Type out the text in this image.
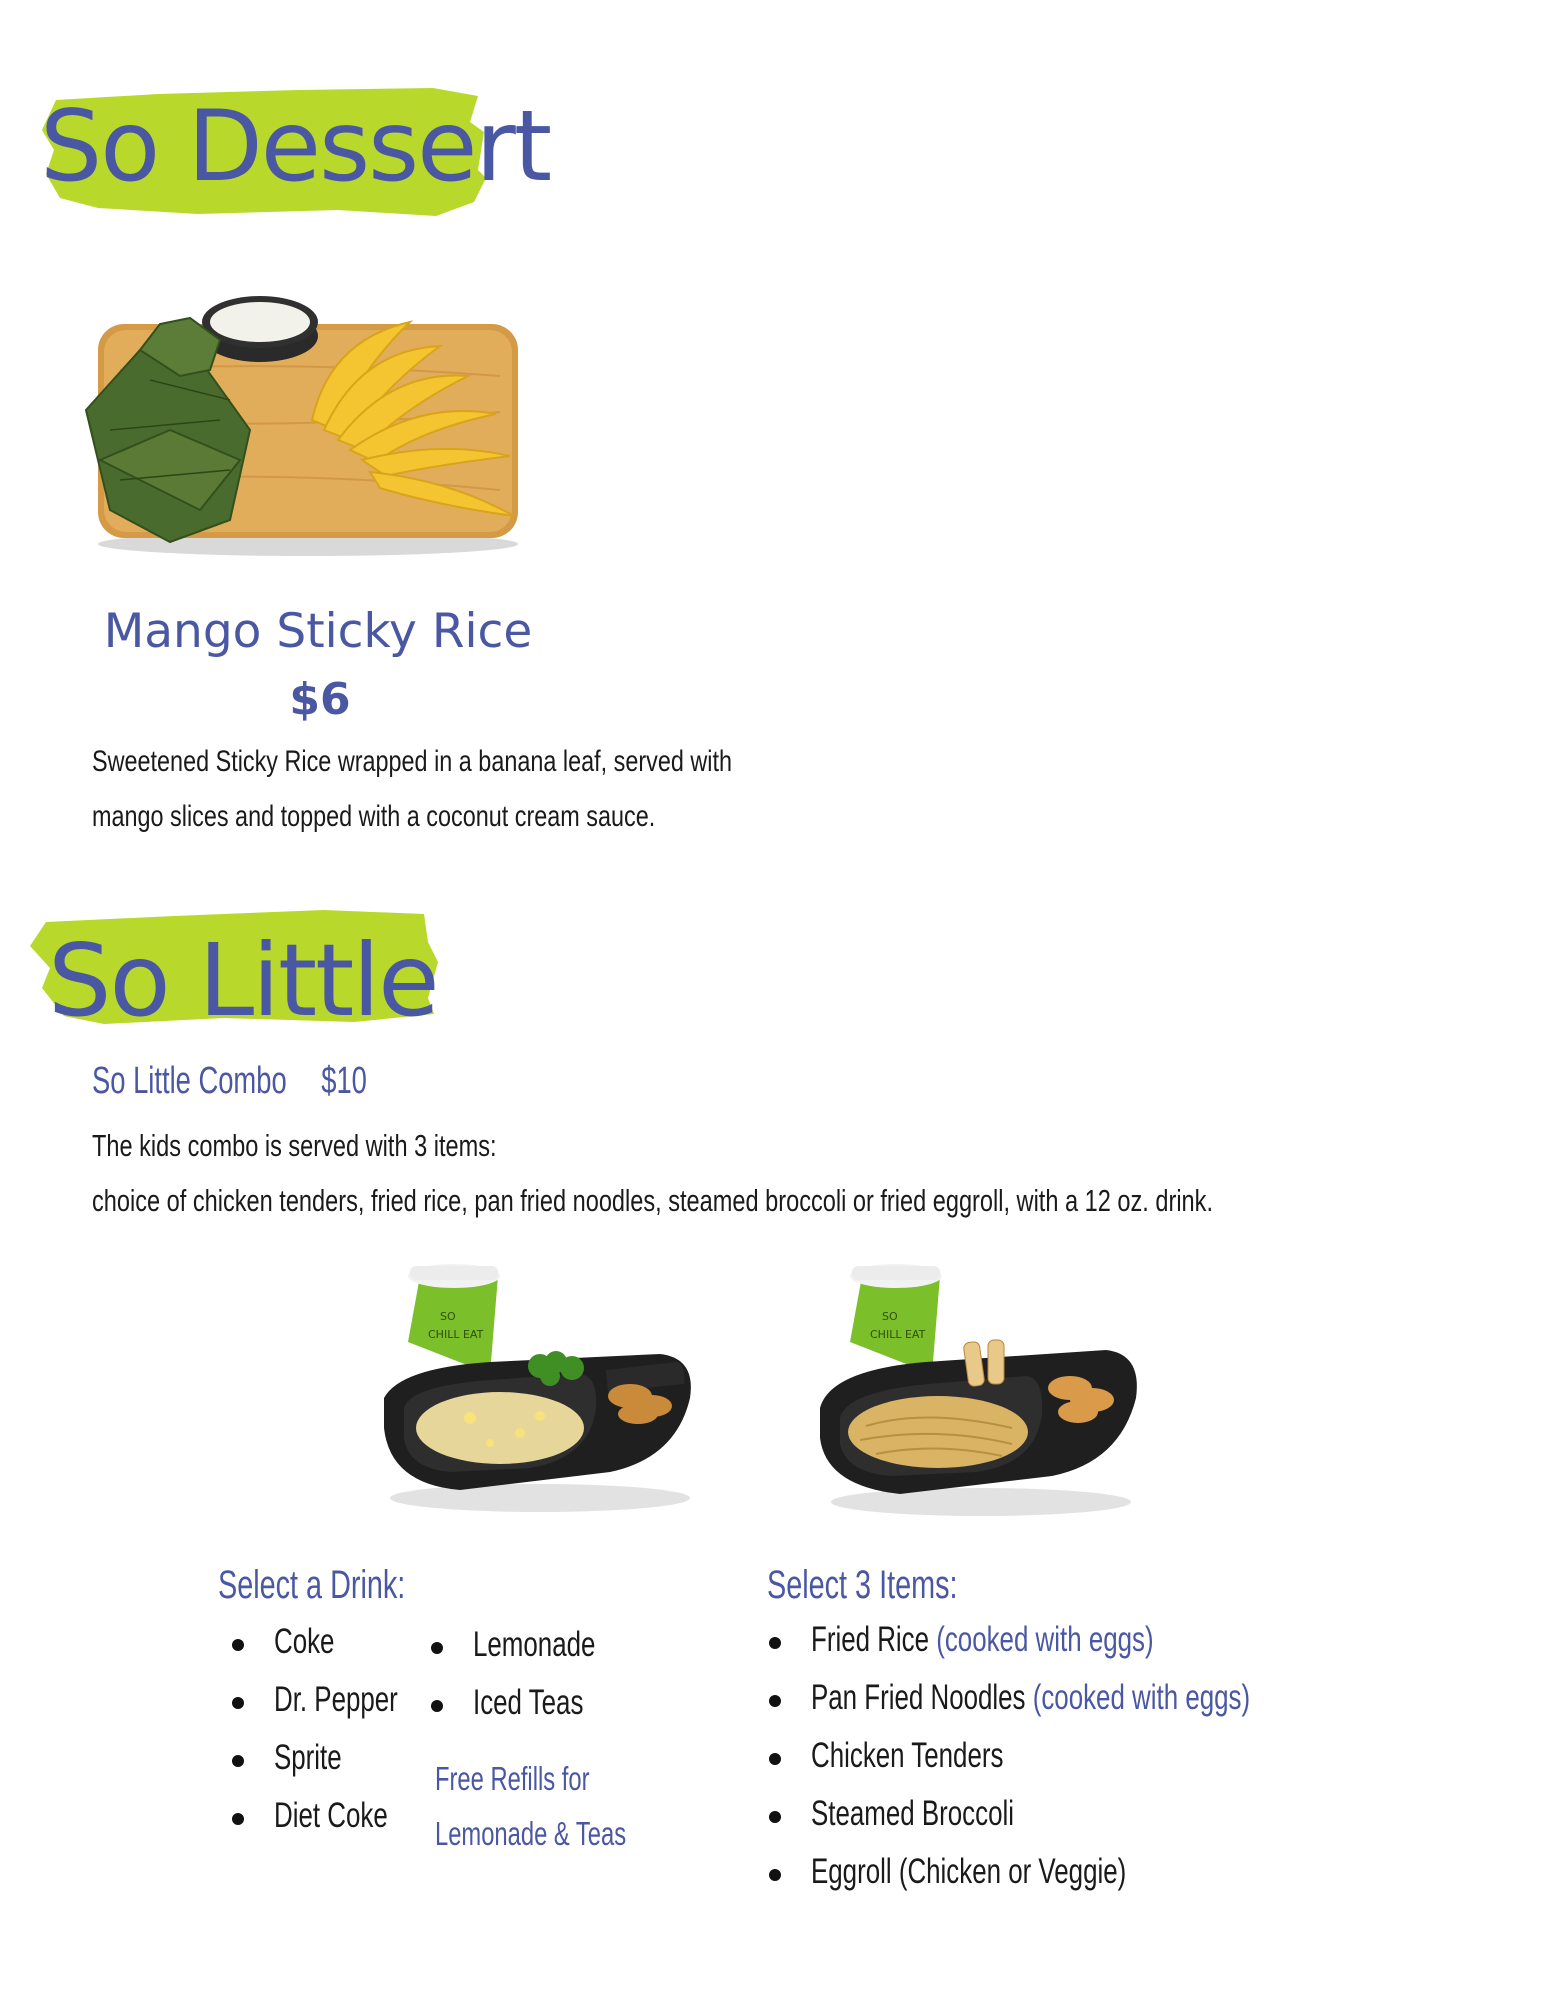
So Dessert
Mango Sticky Rice
$6
Sweetened Sticky Rice wrapped in a banana leaf, served with
mango slices and topped with a coconut cream sauce.
So Little
So Little Combo $10
The kids combo is served with 3 items:
choice of chicken tenders, fried rice, pan fried noodles, steamed broccoli or fried eggroll, with a 12 oz. drink.
SO
CHILL EAT
SO
CHILL EAT
Select a Drink:
Coke
Dr. Pepper
Sprite
Diet Coke
Lemonade
Iced Teas
Free Refills for
Lemonade & Teas
Select 3 Items:
Fried Rice (cooked with eggs)
Pan Fried Noodles (cooked with eggs)
Chicken Tenders
Steamed Broccoli
Eggroll (Chicken or Veggie)
